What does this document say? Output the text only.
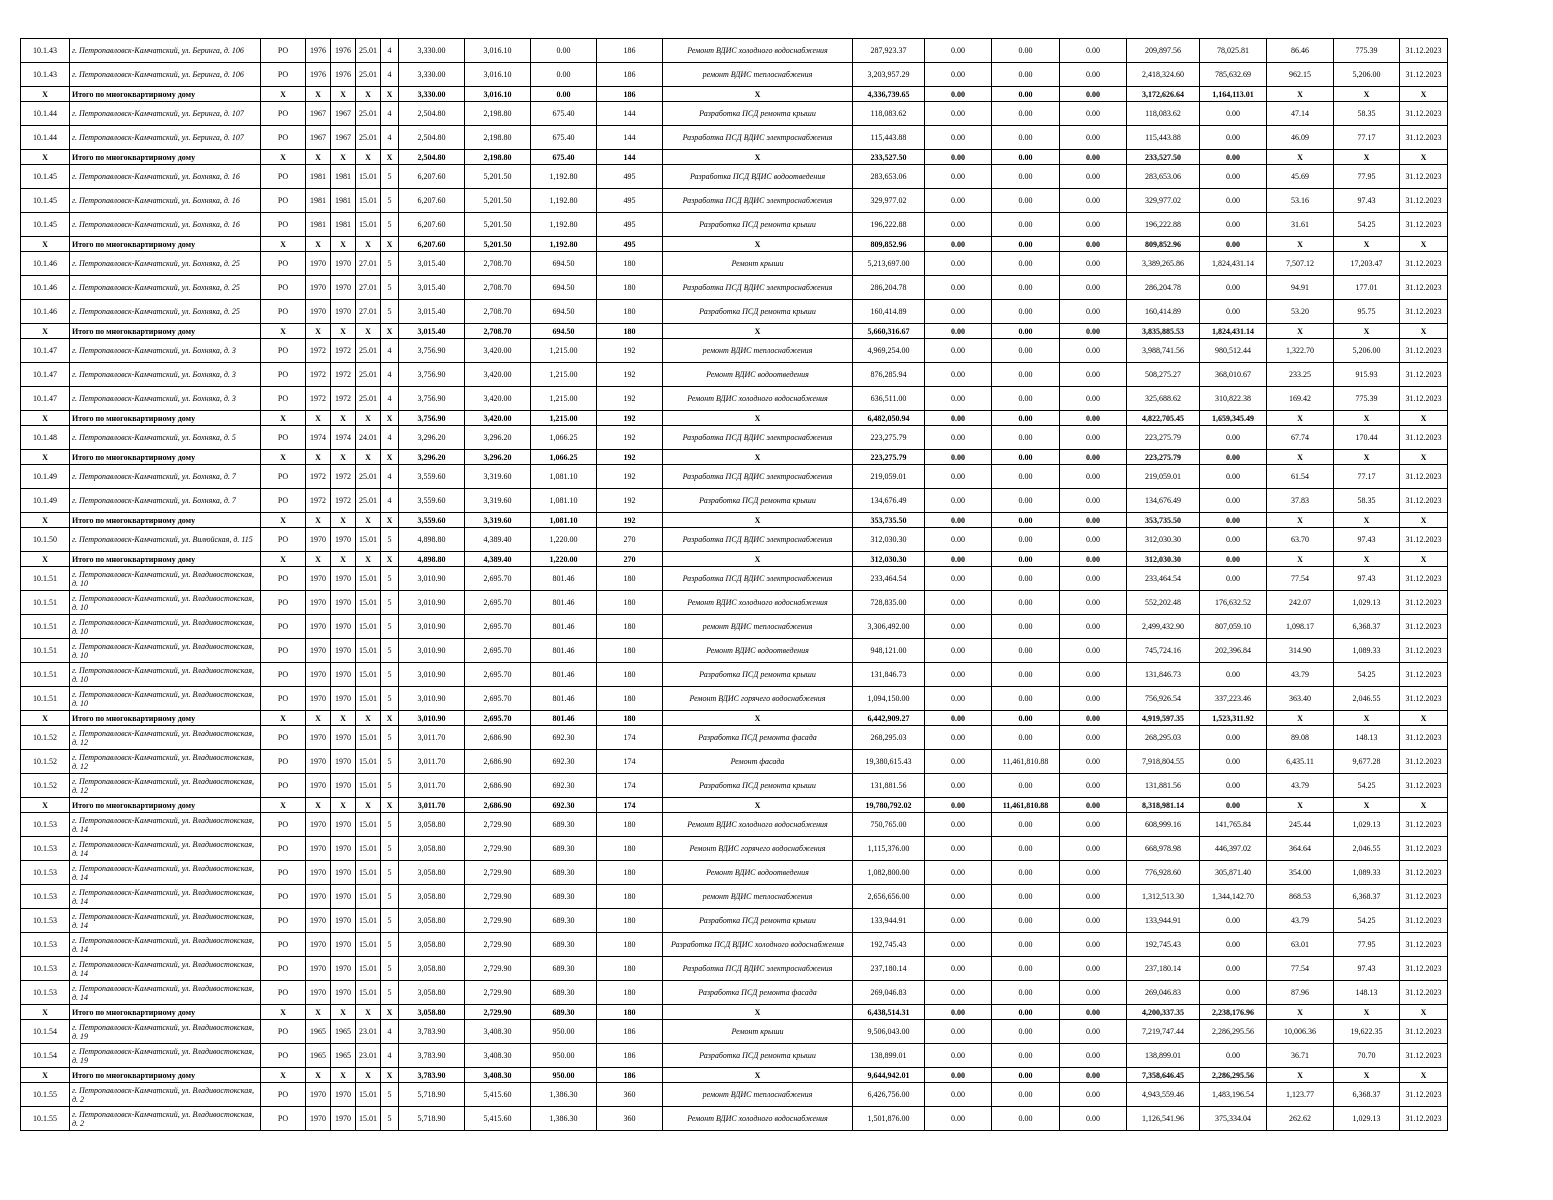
10.1.43	г. Петропавловск-Камчатский, ул. Беринга, д. 106	РО	1976	1976	25.01	4	3,330.00	3,016.10	0.00	186	Ремонт ВДИС холодного водоснабжения	287,923.37	0.00	0.00	0.00	209,897.56	78,025.81	86.46	775.39	31.12.2023
10.1.43	г. Петропавловск-Камчатский, ул. Беринга, д. 106	РО	1976	1976	25.01	4	3,330.00	3,016.10	0.00	186	ремонт ВДИС теплоснабжения	3,203,957.29	0.00	0.00	0.00	2,418,324.60	785,632.69	962.15	5,206.00	31.12.2023
X	Итого по многоквартирному дому	X	X	X	X	X	3,330.00	3,016.10	0.00	186	X	4,336,739.65	0.00	0.00	0.00	3,172,626.64	1,164,113.01	X	X	X
10.1.44	г. Петропавловск-Камчатский, ул. Беринга, д. 107	РО	1967	1967	25.01	4	2,504.80	2,198.80	675.40	144	Разработка ПСД ремонта крыши	118,083.62	0.00	0.00	0.00	118,083.62	0.00	47.14	58.35	31.12.2023
10.1.44	г. Петропавловск-Камчатский, ул. Беринга, д. 107	РО	1967	1967	25.01	4	2,504.80	2,198.80	675.40	144	Разработка ПСД ВДИС электроснабжения	115,443.88	0.00	0.00	0.00	115,443.88	0.00	46.09	77.17	31.12.2023
X	Итого по многоквартирному дому	X	X	X	X	X	2,504.80	2,198.80	675.40	144	X	233,527.50	0.00	0.00	0.00	233,527.50	0.00	X	X	X
10.1.45	г. Петропавловск-Камчатский, ул. Бохняка, д. 16	РО	1981	1981	15.01	5	6,207.60	5,201.50	1,192.80	495	Разработка ПСД ВДИС водоотведения	283,653.06	0.00	0.00	0.00	283,653.06	0.00	45.69	77.95	31.12.2023
10.1.45	г. Петропавловск-Камчатский, ул. Бохняка, д. 16	РО	1981	1981	15.01	5	6,207.60	5,201.50	1,192.80	495	Разработка ПСД ВДИС электроснабжения	329,977.02	0.00	0.00	0.00	329,977.02	0.00	53.16	97.43	31.12.2023
10.1.45	г. Петропавловск-Камчатский, ул. Бохняка, д. 16	РО	1981	1981	15.01	5	6,207.60	5,201.50	1,192.80	495	Разработка ПСД ремонта крыши	196,222.88	0.00	0.00	0.00	196,222.88	0.00	31.61	54.25	31.12.2023
X	Итого по многоквартирному дому	X	X	X	X	X	6,207.60	5,201.50	1,192.80	495	X	809,852.96	0.00	0.00	0.00	809,852.96	0.00	X	X	X
10.1.46	г. Петропавловск-Камчатский, ул. Бохняка, д. 25	РО	1970	1970	27.01	5	3,015.40	2,708.70	694.50	180	Ремонт крыши	5,213,697.00	0.00	0.00	0.00	3,389,265.86	1,824,431.14	7,507.12	17,203.47	31.12.2023
10.1.46	г. Петропавловск-Камчатский, ул. Бохняка, д. 25	РО	1970	1970	27.01	5	3,015.40	2,708.70	694.50	180	Разработка ПСД ВДИС электроснабжения	286,204.78	0.00	0.00	0.00	286,204.78	0.00	94.91	177.01	31.12.2023
10.1.46	г. Петропавловск-Камчатский, ул. Бохняка, д. 25	РО	1970	1970	27.01	5	3,015.40	2,708.70	694.50	180	Разработка ПСД ремонта крыши	160,414.89	0.00	0.00	0.00	160,414.89	0.00	53.20	95.75	31.12.2023
X	Итого по многоквартирному дому	X	X	X	X	X	3,015.40	2,708.70	694.50	180	X	5,660,316.67	0.00	0.00	0.00	3,835,885.53	1,824,431.14	X	X	X
10.1.47	г. Петропавловск-Камчатский, ул. Бохняка, д. 3	РО	1972	1972	25.01	4	3,756.90	3,420.00	1,215.00	192	ремонт ВДИС теплоснабжения	4,969,254.00	0.00	0.00	0.00	3,988,741.56	980,512.44	1,322.70	5,206.00	31.12.2023
10.1.47	г. Петропавловск-Камчатский, ул. Бохняка, д. 3	РО	1972	1972	25.01	4	3,756.90	3,420.00	1,215.00	192	Ремонт ВДИС водоотведения	876,285.94	0.00	0.00	0.00	508,275.27	368,010.67	233.25	915.93	31.12.2023
10.1.47	г. Петропавловск-Камчатский, ул. Бохняка, д. 3	РО	1972	1972	25.01	4	3,756.90	3,420.00	1,215.00	192	Ремонт ВДИС холодного водоснабжения	636,511.00	0.00	0.00	0.00	325,688.62	310,822.38	169.42	775.39	31.12.2023
X	Итого по многоквартирному дому	X	X	X	X	X	3,756.90	3,420.00	1,215.00	192	X	6,482,050.94	0.00	0.00	0.00	4,822,705.45	1,659,345.49	X	X	X
10.1.48	г. Петропавловск-Камчатский, ул. Бохняка, д. 5	РО	1974	1974	24.01	4	3,296.20	3,296.20	1,066.25	192	Разработка ПСД ВДИС электроснабжения	223,275.79	0.00	0.00	0.00	223,275.79	0.00	67.74	170.44	31.12.2023
X	Итого по многоквартирному дому	X	X	X	X	X	3,296.20	3,296.20	1,066.25	192	X	223,275.79	0.00	0.00	0.00	223,275.79	0.00	X	X	X
10.1.49	г. Петропавловск-Камчатский, ул. Бохняка, д. 7	РО	1972	1972	25.01	4	3,559.60	3,319.60	1,081.10	192	Разработка ПСД ВДИС электроснабжения	219,059.01	0.00	0.00	0.00	219,059.01	0.00	61.54	77.17	31.12.2023
10.1.49	г. Петропавловск-Камчатский, ул. Бохняка, д. 7	РО	1972	1972	25.01	4	3,559.60	3,319.60	1,081.10	192	Разработка ПСД ремонта крыши	134,676.49	0.00	0.00	0.00	134,676.49	0.00	37.83	58.35	31.12.2023
X	Итого по многоквартирному дому	X	X	X	X	X	3,559.60	3,319.60	1,081.10	192	X	353,735.50	0.00	0.00	0.00	353,735.50	0.00	X	X	X
10.1.50	г. Петропавловск-Камчатский, ул. Вилюйская, д. 115	РО	1970	1970	15.01	5	4,898.80	4,389.40	1,220.00	270	Разработка ПСД ВДИС электроснабжения	312,030.30	0.00	0.00	0.00	312,030.30	0.00	63.70	97.43	31.12.2023
X	Итого по многоквартирному дому	X	X	X	X	X	4,898.80	4,389.40	1,220.00	270	X	312,030.30	0.00	0.00	0.00	312,030.30	0.00	X	X	X
10.1.51	г. Петропавловск-Камчатский, ул. Владивостокская, д. 10	РО	1970	1970	15.01	5	3,010.90	2,695.70	801.46	180	Разработка ПСД ВДИС электроснабжения	233,464.54	0.00	0.00	0.00	233,464.54	0.00	77.54	97.43	31.12.2023
10.1.51	г. Петропавловск-Камчатский, ул. Владивостокская, д. 10	РО	1970	1970	15.01	5	3,010.90	2,695.70	801.46	180	Ремонт ВДИС холодного водоснабжения	728,835.00	0.00	0.00	0.00	552,202.48	176,632.52	242.07	1,029.13	31.12.2023
10.1.51	г. Петропавловск-Камчатский, ул. Владивостокская, д. 10	РО	1970	1970	15.01	5	3,010.90	2,695.70	801.46	180	ремонт ВДИС теплоснабжения	3,306,492.00	0.00	0.00	0.00	2,499,432.90	807,059.10	1,098.17	6,368.37	31.12.2023
10.1.51	г. Петропавловск-Камчатский, ул. Владивостокская, д. 10	РО	1970	1970	15.01	5	3,010.90	2,695.70	801.46	180	Ремонт ВДИС водоотведения	948,121.00	0.00	0.00	0.00	745,724.16	202,396.84	314.90	1,089.33	31.12.2023
10.1.51	г. Петропавловск-Камчатский, ул. Владивостокская, д. 10	РО	1970	1970	15.01	5	3,010.90	2,695.70	801.46	180	Разработка ПСД ремонта крыши	131,846.73	0.00	0.00	0.00	131,846.73	0.00	43.79	54.25	31.12.2023
10.1.51	г. Петропавловск-Камчатский, ул. Владивостокская, д. 10	РО	1970	1970	15.01	5	3,010.90	2,695.70	801.46	180	Ремонт ВДИС горячего водоснабжения	1,094,150.00	0.00	0.00	0.00	756,926.54	337,223.46	363.40	2,046.55	31.12.2023
X	Итого по многоквартирному дому	X	X	X	X	X	3,010.90	2,695.70	801.46	180	X	6,442,909.27	0.00	0.00	0.00	4,919,597.35	1,523,311.92	X	X	X
10.1.52	г. Петропавловск-Камчатский, ул. Владивостокская, д. 12	РО	1970	1970	15.01	5	3,011.70	2,686.90	692.30	174	Разработка ПСД ремонта фасада	268,295.03	0.00	0.00	0.00	268,295.03	0.00	89.08	148.13	31.12.2023
10.1.52	г. Петропавловск-Камчатский, ул. Владивостокская, д. 12	РО	1970	1970	15.01	5	3,011.70	2,686.90	692.30	174	Ремонт фасада	19,380,615.43	0.00	11,461,810.88	0.00	7,918,804.55	0.00	6,435.11	9,677.28	31.12.2023
10.1.52	г. Петропавловск-Камчатский, ул. Владивостокская, д. 12	РО	1970	1970	15.01	5	3,011.70	2,686.90	692.30	174	Разработка ПСД ремонта крыши	131,881.56	0.00	0.00	0.00	131,881.56	0.00	43.79	54.25	31.12.2023
X	Итого по многоквартирному дому	X	X	X	X	X	3,011.70	2,686.90	692.30	174	X	19,780,792.02	0.00	11,461,810.88	0.00	8,318,981.14	0.00	X	X	X
10.1.53	г. Петропавловск-Камчатский, ул. Владивостокская, д. 14	РО	1970	1970	15.01	5	3,058.80	2,729.90	689.30	180	Ремонт ВДИС холодного водоснабжения	750,765.00	0.00	0.00	0.00	608,999.16	141,765.84	245.44	1,029.13	31.12.2023
10.1.53	г. Петропавловск-Камчатский, ул. Владивостокская, д. 14	РО	1970	1970	15.01	5	3,058.80	2,729.90	689.30	180	Ремонт ВДИС горячего водоснабжения	1,115,376.00	0.00	0.00	0.00	668,978.98	446,397.02	364.64	2,046.55	31.12.2023
10.1.53	г. Петропавловск-Камчатский, ул. Владивостокская, д. 14	РО	1970	1970	15.01	5	3,058.80	2,729.90	689.30	180	Ремонт ВДИС водоотведения	1,082,800.00	0.00	0.00	0.00	776,928.60	305,871.40	354.00	1,089.33	31.12.2023
10.1.53	г. Петропавловск-Камчатский, ул. Владивостокская, д. 14	РО	1970	1970	15.01	5	3,058.80	2,729.90	689.30	180	ремонт ВДИС теплоснабжения	2,656,656.00	0.00	0.00	0.00	1,312,513.30	1,344,142.70	868.53	6,368.37	31.12.2023
10.1.53	г. Петропавловск-Камчатский, ул. Владивостокская, д. 14	РО	1970	1970	15.01	5	3,058.80	2,729.90	689.30	180	Разработка ПСД ремонта крыши	133,944.91	0.00	0.00	0.00	133,944.91	0.00	43.79	54.25	31.12.2023
10.1.53	г. Петропавловск-Камчатский, ул. Владивостокская, д. 14	РО	1970	1970	15.01	5	3,058.80	2,729.90	689.30	180	Разработка ПСД ВДИС холодного водоснабжения	192,745.43	0.00	0.00	0.00	192,745.43	0.00	63.01	77.95	31.12.2023
10.1.53	г. Петропавловск-Камчатский, ул. Владивостокская, д. 14	РО	1970	1970	15.01	5	3,058.80	2,729.90	689.30	180	Разработка ПСД ВДИС электроснабжения	237,180.14	0.00	0.00	0.00	237,180.14	0.00	77.54	97.43	31.12.2023
10.1.53	г. Петропавловск-Камчатский, ул. Владивостокская, д. 14	РО	1970	1970	15.01	5	3,058.80	2,729.90	689.30	180	Разработка ПСД ремонта фасада	269,046.83	0.00	0.00	0.00	269,046.83	0.00	87.96	148.13	31.12.2023
X	Итого по многоквартирному дому	X	X	X	X	X	3,058.80	2,729.90	689.30	180	X	6,438,514.31	0.00	0.00	0.00	4,200,337.35	2,238,176.96	X	X	X
10.1.54	г. Петропавловск-Камчатский, ул. Владивостокская, д. 19	РО	1965	1965	23.01	4	3,783.90	3,408.30	950.00	186	Ремонт крыши	9,506,043.00	0.00	0.00	0.00	7,219,747.44	2,286,295.56	10,006.36	19,622.35	31.12.2023
10.1.54	г. Петропавловск-Камчатский, ул. Владивостокская, д. 19	РО	1965	1965	23.01	4	3,783.90	3,408.30	950.00	186	Разработка ПСД ремонта крыши	138,899.01	0.00	0.00	0.00	138,899.01	0.00	36.71	70.70	31.12.2023
X	Итого по многоквартирному дому	X	X	X	X	X	3,783.90	3,408.30	950.00	186	X	9,644,942.01	0.00	0.00	0.00	7,358,646.45	2,286,295.56	X	X	X
10.1.55	г. Петропавловск-Камчатский, ул. Владивостокская, д. 2	РО	1970	1970	15.01	5	5,718.90	5,415.60	1,386.30	360	ремонт ВДИС теплоснабжения	6,426,756.00	0.00	0.00	0.00	4,943,559.46	1,483,196.54	1,123.77	6,368.37	31.12.2023
10.1.55	г. Петропавловск-Камчатский, ул. Владивостокская, д. 2	РО	1970	1970	15.01	5	5,718.90	5,415.60	1,386.30	360	Ремонт ВДИС холодного водоснабжения	1,501,876.00	0.00	0.00	0.00	1,126,541.96	375,334.04	262.62	1,029.13	31.12.2023
